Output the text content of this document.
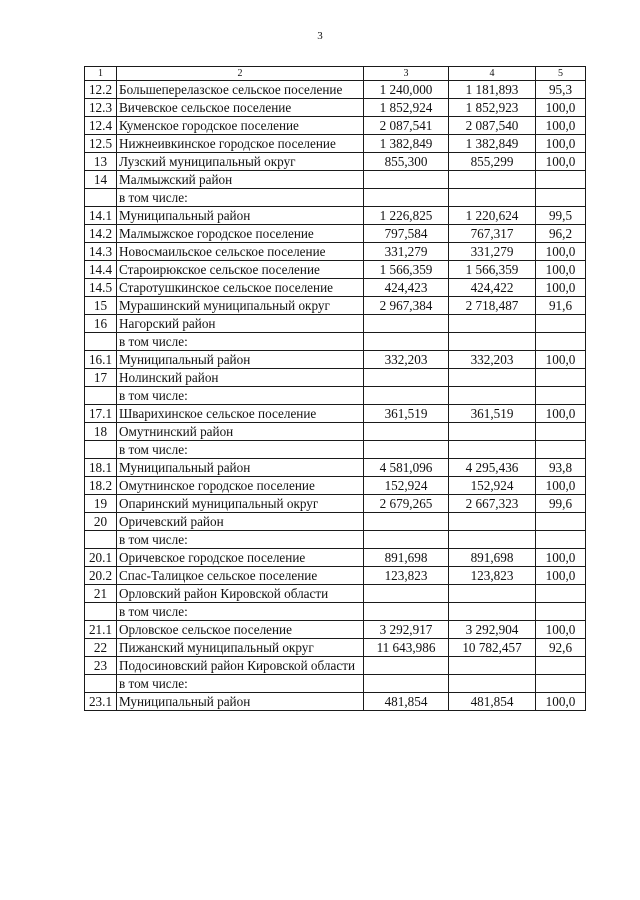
3
1	2	3	4	5
12.2	Большеперелазское сельское поселение	1 240,000	1 181,893	95,3
12.3	Вичевское сельское поселение	1 852,924	1 852,923	100,0
12.4	Куменское городское поселение	2 087,541	2 087,540	100,0
12.5	Нижнеивкинское городское поселение	1 382,849	1 382,849	100,0
13	Лузский муниципальный округ	855,300	855,299	100,0
14	Малмыжский район			
	в том числе:			
14.1	Муниципальный район	1 226,825	1 220,624	99,5
14.2	Малмыжское городское поселение	797,584	767,317	96,2
14.3	Новосмаильское сельское поселение	331,279	331,279	100,0
14.4	Староирюкское сельское поселение	1 566,359	1 566,359	100,0
14.5	Старотушкинское сельское поселение	424,423	424,422	100,0
15	Мурашинский муниципальный округ	2 967,384	2 718,487	91,6
16	Нагорский район			
	в том числе:			
16.1	Муниципальный район	332,203	332,203	100,0
17	Нолинский район			
	в том числе:			
17.1	Шварихинское сельское поселение	361,519	361,519	100,0
18	Омутнинский район			
	в том числе:			
18.1	Муниципальный район	4 581,096	4 295,436	93,8
18.2	Омутнинское городское поселение	152,924	152,924	100,0
19	Опаринский муниципальный округ	2 679,265	2 667,323	99,6
20	Оричевский район			
	в том числе:			
20.1	Оричевское городское поселение	891,698	891,698	100,0
20.2	Спас-Талицкое сельское поселение	123,823	123,823	100,0
21	Орловский район Кировской области			
	в том числе:			
21.1	Орловское сельское поселение	3 292,917	3 292,904	100,0
22	Пижанский муниципальный округ	11 643,986	10 782,457	92,6
23	Подосиновский район Кировской области			
	в том числе:			
23.1	Муниципальный район	481,854	481,854	100,0
